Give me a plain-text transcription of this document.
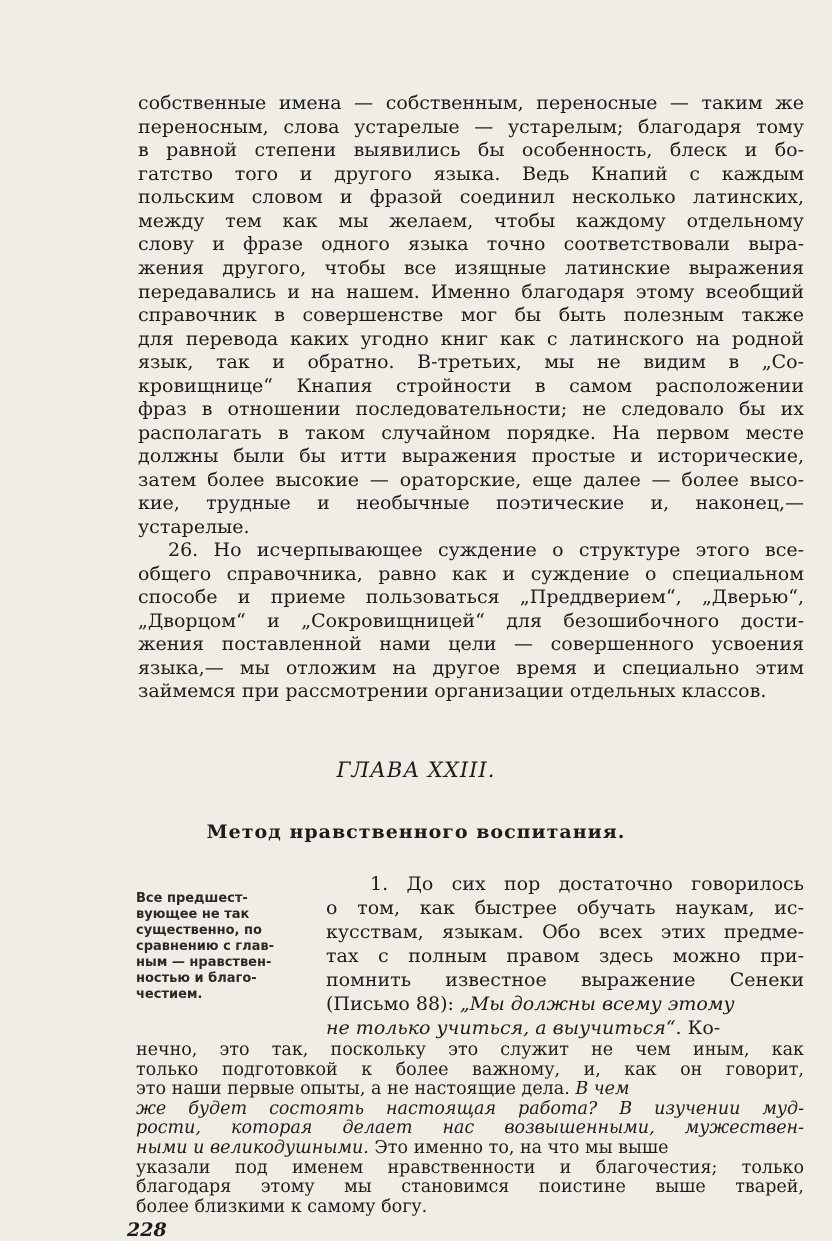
собственные имена — собственным, переносные — таким же
переносным, слова устарелые — устарелым; благодаря тому
в равной степени выявились бы особенность, блеск и бо-
гатство того и другого языка. Ведь Кнапий с каждым
польским словом и фразой соединил несколько латинских,
между тем как мы желаем, чтобы каждому отдельному
слову и фразе одного языка точно соответствовали выра-
жения другого, чтобы все изящные латинские выражения
передавались и на нашем. Именно благодаря этому всеобщий
справочник в совершенстве мог бы быть полезным также
для перевода каких угодно книг как с латинского на родной
язык, так и обратно. В-третьих, мы не видим в „Со-
кровищнице“ Кнапия стройности в самом расположении
фраз в отношении последовательности; не следовало бы их
располагать в таком случайном порядке. На первом месте
должны были бы итти выражения простые и исторические,
затем более высокие — ораторские, еще далее — более высо-
кие, трудные и необычные поэтические и, наконец,—
устарелые.
26. Но исчерпывающее суждение о структуре этого все-
общего справочника, равно как и суждение о специальном
способе и приеме пользоваться „Преддверием“, „Дверью“,
„Дворцом“ и „Сокровищницей“ для безошибочного дости-
жения поставленной нами цели — совершенного усвоения
языка,— мы отложим на другое время и специально этим
займемся при рассмотрении организации отдельных классов.
ГЛАВА XXIII.
Метод нравственного воспитания.
Все предшест-
вующее не так
существенно, по
сравнению с глав-
ным — нравствен-
ностью и благо-
честием.
1. До сих пор достаточно говорилось
о том, как быстрее обучать наукам, ис-
кусствам, языкам. Обо всех этих предме-
тах с полным правом здесь можно при-
помнить известное выражение Сенеки
(Письмо 88): „Мы должны всему этому
не только учиться, а выучиться“. Ко-
нечно, это так, поскольку это служит не чем иным, как
только подготовкой к более важному, и, как он говорит,
это наши первые опыты, а не настоящие дела. В чем
же будет состоять настоящая работа? В изучении муд-
рости, которая делает нас возвышенными, мужествен-
ными и великодушными. Это именно то, на что мы выше
указали под именем нравственности и благочестия; только
благодаря этому мы становимся поистине выше тварей,
более близкими к самому богу.
228
